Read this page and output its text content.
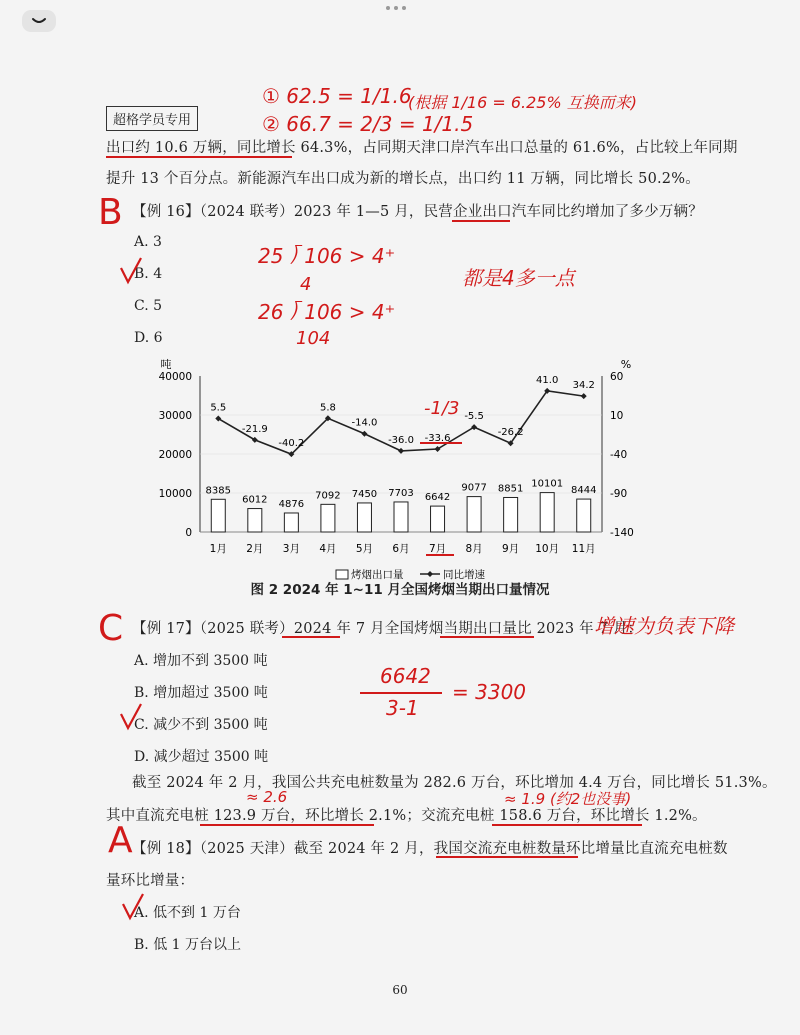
超格学员专用
① 62.5 = 1/1.6
(根据 1/16 = 6.25% 互换而来)
② 66.7 = 2/3 = 1/1.5
出口约 10.6 万辆，同比增长 64.3%，占同期天津口岸汽车出口总量的 61.6%，占比较上年同期
提升 13 个百分点。新能源汽车出口成为新的增长点，出口约 11 万辆，同比增长 50.2%。
B 【例 16】（2024 联考）2023 年 1—5 月，民营企业出口汽车同比约增加了多少万辆？
A. 3
B. 4
C. 5
D. 6
25 ⟌ 106 > 4⁺
4
26 ⟌ 106 > 4⁺
104
都是4多一点
吨	%
40000
30000
20000
10000
0
60
10
-40
-90
-140
8385
6012 4876
7092 7450 7703 6642
9077 8851 10101
8444
5.5
-21.9
-40.2
5.8
-14.0
-36.0 -33.6
-5.5
-26.2
41.0 34.2
1月 2月 3月 4月 5月 6月 7月 8月 9月 10月 11月
烤烟出口量	同比增速
-1/3
图 2 2024 年 1~11 月全国烤烟当期出口量情况
C 【例 17】（2025 联考）2024 年 7 月全国烤烟当期出口量比 2023 年 7 月：
增速为负表下降
A. 增加不到 3500 吨
B. 增加超过 3500 吨
C. 减少不到 3500 吨
D. 减少超过 3500 吨
6642
3-1
= 3300
截至 2024 年 2 月，我国公共充电桩数量为 282.6 万台，环比增加 4.4 万台，同比增长 51.3%。
≈ 2.6	≈ 1.9 (约2也没事)
其中直流充电桩 123.9 万台，环比增长 2.1%；交流充电桩 158.6 万台，环比增长 1.2%。
A 【例 18】（2025 天津）截至 2024 年 2 月，我国交流充电桩数量环比增量比直流充电桩数
量环比增量：
A. 低不到 1 万台
B. 低 1 万台以上
60
